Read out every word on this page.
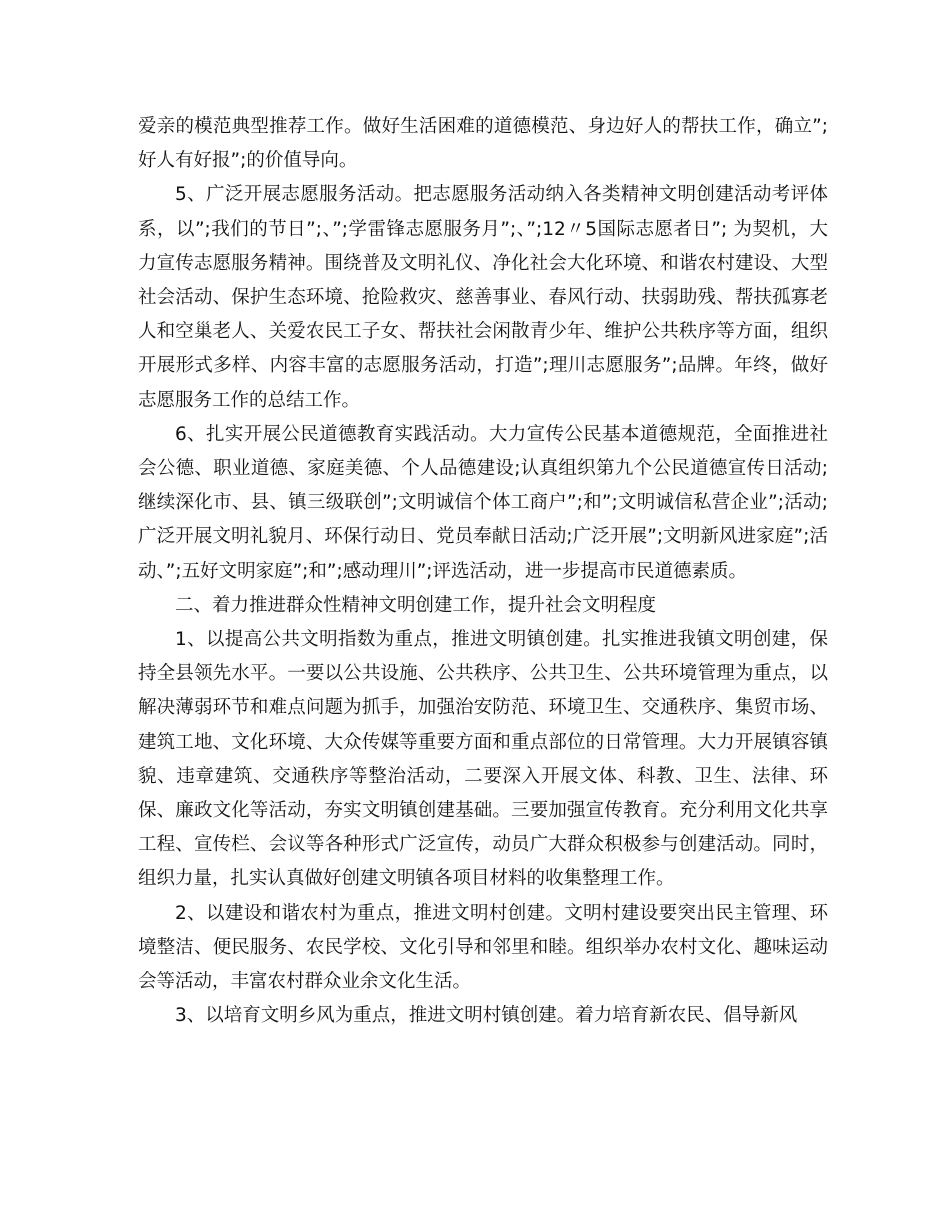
爱亲的模范典型推荐工作。做好生活困难的道德模范、身边好人的帮扶工作，确立”;好人有好报”;的价值导向。

5、广泛开展志愿服务活动。把志愿服务活动纳入各类精神文明创建活动考评体系，以”;我们的节日”;、”;学雷锋志愿服务月”;、”;12〃5国际志愿者日”; 为契机，大力宣传志愿服务精神。围绕普及文明礼仪、净化社会大化环境、和谐农村建设、大型社会活动、保护生态环境、抢险救灾、慈善事业、春风行动、扶弱助残、帮扶孤寡老人和空巢老人、关爱农民工子女、帮扶社会闲散青少年、维护公共秩序等方面，组织开展形式多样、内容丰富的志愿服务活动，打造”;理川志愿服务”;品牌。年终，做好志愿服务工作的总结工作。

6、扎实开展公民道德教育实践活动。大力宣传公民基本道德规范，全面推进社会公德、职业道德、家庭美德、个人品德建设;认真组织第九个公民道德宣传日活动;继续深化市、县、镇三级联创”;文明诚信个体工商户”;和”;文明诚信私营企业”;活动;广泛开展文明礼貌月、环保行动日、党员奉献日活动;广泛开展”;文明新风进家庭”;活动、”;五好文明家庭”;和”;感动理川”;评选活动，进一步提高市民道德素质。

二、着力推进群众性精神文明创建工作，提升社会文明程度

1、以提高公共文明指数为重点，推进文明镇创建。扎实推进我镇文明创建，保持全县领先水平。一要以公共设施、公共秩序、公共卫生、公共环境管理为重点，以解决薄弱环节和难点问题为抓手，加强治安防范、环境卫生、交通秩序、集贸市场、建筑工地、文化环境、大众传媒等重要方面和重点部位的日常管理。大力开展镇容镇貌、违章建筑、交通秩序等整治活动，二要深入开展文体、科教、卫生、法律、环保、廉政文化等活动，夯实文明镇创建基础。三要加强宣传教育。充分利用文化共享工程、宣传栏、会议等各种形式广泛宣传，动员广大群众积极参与创建活动。同时，组织力量，扎实认真做好创建文明镇各项目材料的收集整理工作。

2、以建设和谐农村为重点，推进文明村创建。文明村建设要突出民主管理、环境整洁、便民服务、农民学校、文化引导和邻里和睦。组织举办农村文化、趣味运动会等活动，丰富农村群众业余文化生活。

3、以培育文明乡风为重点，推进文明村镇创建。着力培育新农民、倡导新风
